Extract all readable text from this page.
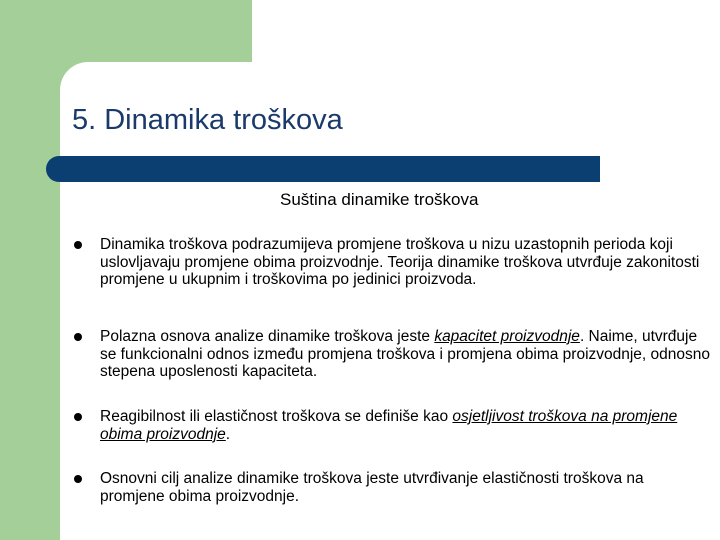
5. Dinamika troškova
Suština dinamike troškova
Dinamika troškova podrazumijeva promjene troškova u nizu uzastopnih perioda koji uslovljavaju promjene obima proizvodnje. Teorija dinamike troškova utvrđuje zakonitosti promjene u ukupnim i troškovima po jedinici proizvoda.
Polazna osnova analize dinamike troškova jeste kapacitet proizvodnje. Naime, utvrđuje se funkcionalni odnos između promjena troškova i promjena obima proizvodnje, odnosno stepena uposlenosti kapaciteta.
Reagibilnost ili elastičnost troškova se definiše kao osjetljivost troškova na promjene obima proizvodnje.
Osnovni cilj analize dinamike troškova jeste utvrđivanje elastičnosti troškova na promjene obima proizvodnje.
